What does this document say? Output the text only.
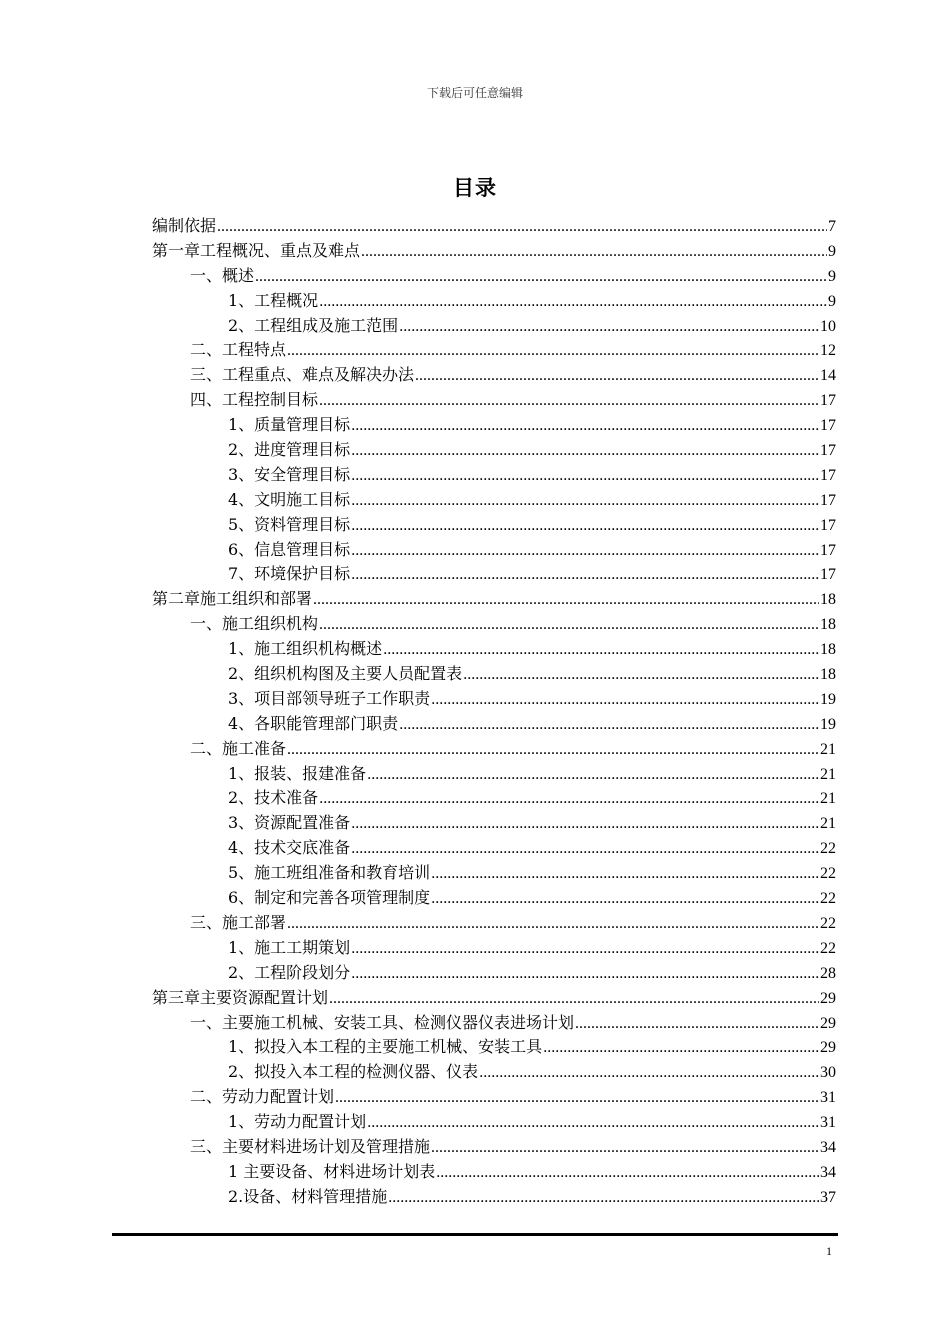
下载后可任意编辑
目录
编制依据 .....	7
第一章工程概况、重点及难点 .....	9
一、概述 .....	9
1、工程概况 .....	9
2、工程组成及施工范围 .....	10
二、工程特点 .....	12
三、工程重点、难点及解决办法 .....	14
四、工程控制目标 .....	17
1、质量管理目标 .....	17
2、进度管理目标 .....	17
3、安全管理目标 .....	17
4、文明施工目标 .....	17
5、资料管理目标 .....	17
6、信息管理目标 .....	17
7、环境保护目标 .....	17
第二章施工组织和部署 .....	18
一、施工组织机构 .....	18
1、施工组织机构概述 .....	18
2、组织机构图及主要人员配置表 .....	18
3、项目部领导班子工作职责 .....	19
4、各职能管理部门职责 .....	19
二、施工准备 .....	21
1、报装、报建准备 .....	21
2、技术准备 .....	21
3、资源配置准备 .....	21
4、技术交底准备 .....	22
5、施工班组准备和教育培训 .....	22
6、制定和完善各项管理制度 .....	22
三、施工部署 .....	22
1、施工工期策划 .....	22
2、工程阶段划分 .....	28
第三章主要资源配置计划 .....	29
一、主要施工机械、安装工具、检测仪器仪表进场计划 .....	29
1、拟投入本工程的主要施工机械、安装工具 .....	29
2、拟投入本工程的检测仪器、仪表 .....	30
二、劳动力配置计划 .....	31
1、劳动力配置计划 .....	31
三、主要材料进场计划及管理措施 .....	34
1 主要设备、材料进场计划表 .....	34
2.设备、材料管理措施 .....	37
1
